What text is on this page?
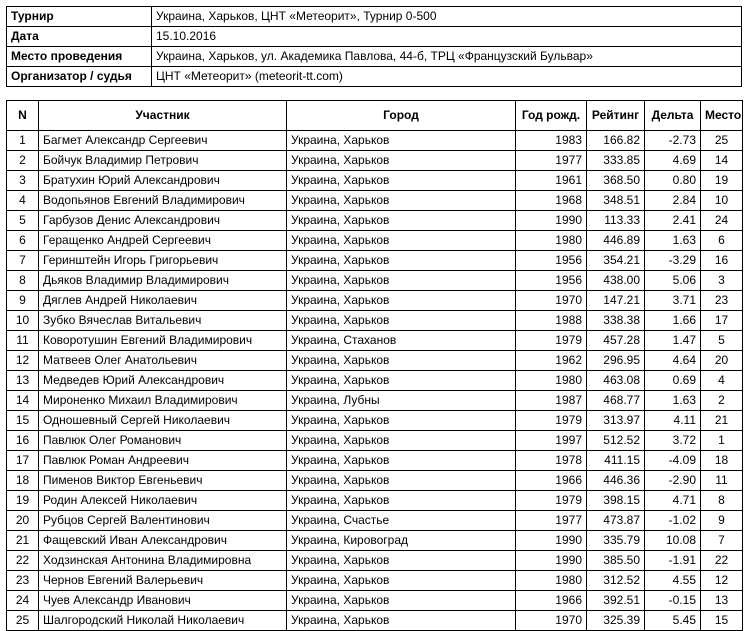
Турнир	Украина, Харьков, ЦНТ «Метеорит», Турнир 0-500
Дата	15.10.2016
Место проведения	Украина, Харьков, ул. Академика Павлова, 44-б, ТРЦ «Французский Бульвар»
Организатор / судья	ЦНТ «Метеорит» (meteorit-tt.com)
N	Участник	Город	Год рожд.	Рейтинг	Дельта	Место
1	Багмет Александр Сергеевич	Украина, Харьков	1983	166.82	-2.73	25
2	Бойчук Владимир Петрович	Украина, Харьков	1977	333.85	4.69	14
3	Братухин Юрий Александрович	Украина, Харьков	1961	368.50	0.80	19
4	Водопьянов Евгений Владимирович	Украина, Харьков	1968	348.51	2.84	10
5	Гарбузов Денис Александрович	Украина, Харьков	1990	113.33	2.41	24
6	Геращенко Андрей Сергеевич	Украина, Харьков	1980	446.89	1.63	6
7	Геринштейн Игорь Григорьевич	Украина, Харьков	1956	354.21	-3.29	16
8	Дьяков Владимир Владимирович	Украина, Харьков	1956	438.00	5.06	3
9	Дяглев Андрей Николаевич	Украина, Харьков	1970	147.21	3.71	23
10	Зубко Вячеслав Витальевич	Украина, Харьков	1988	338.38	1.66	17
11	Коворотушин Евгений Владимирович	Украина, Стаханов	1979	457.28	1.47	5
12	Матвеев Олег Анатольевич	Украина, Харьков	1962	296.95	4.64	20
13	Медведев Юрий Александрович	Украина, Харьков	1980	463.08	0.69	4
14	Мироненко Михаил Владимирович	Украина, Лубны	1987	468.77	1.63	2
15	Одношевный Сергей Николаевич	Украина, Харьков	1979	313.97	4.11	21
16	Павлюк Олег Романович	Украина, Харьков	1997	512.52	3.72	1
17	Павлюк Роман Андреевич	Украина, Харьков	1978	411.15	-4.09	18
18	Пименов Виктор Евгеньевич	Украина, Харьков	1966	446.36	-2.90	11
19	Родин Алексей Николаевич	Украина, Харьков	1979	398.15	4.71	8
20	Рубцов Сергей Валентинович	Украина, Счастье	1977	473.87	-1.02	9
21	Фащевский Иван Александрович	Украина, Кировоград	1990	335.79	10.08	7
22	Ходзинская Антонина Владимировна	Украина, Харьков	1990	385.50	-1.91	22
23	Чернов Евгений Валерьевич	Украина, Харьков	1980	312.52	4.55	12
24	Чуев Александр Иванович	Украина, Харьков	1966	392.51	-0.15	13
25	Шалгородский Николай Николаевич	Украина, Харьков	1970	325.39	5.45	15
